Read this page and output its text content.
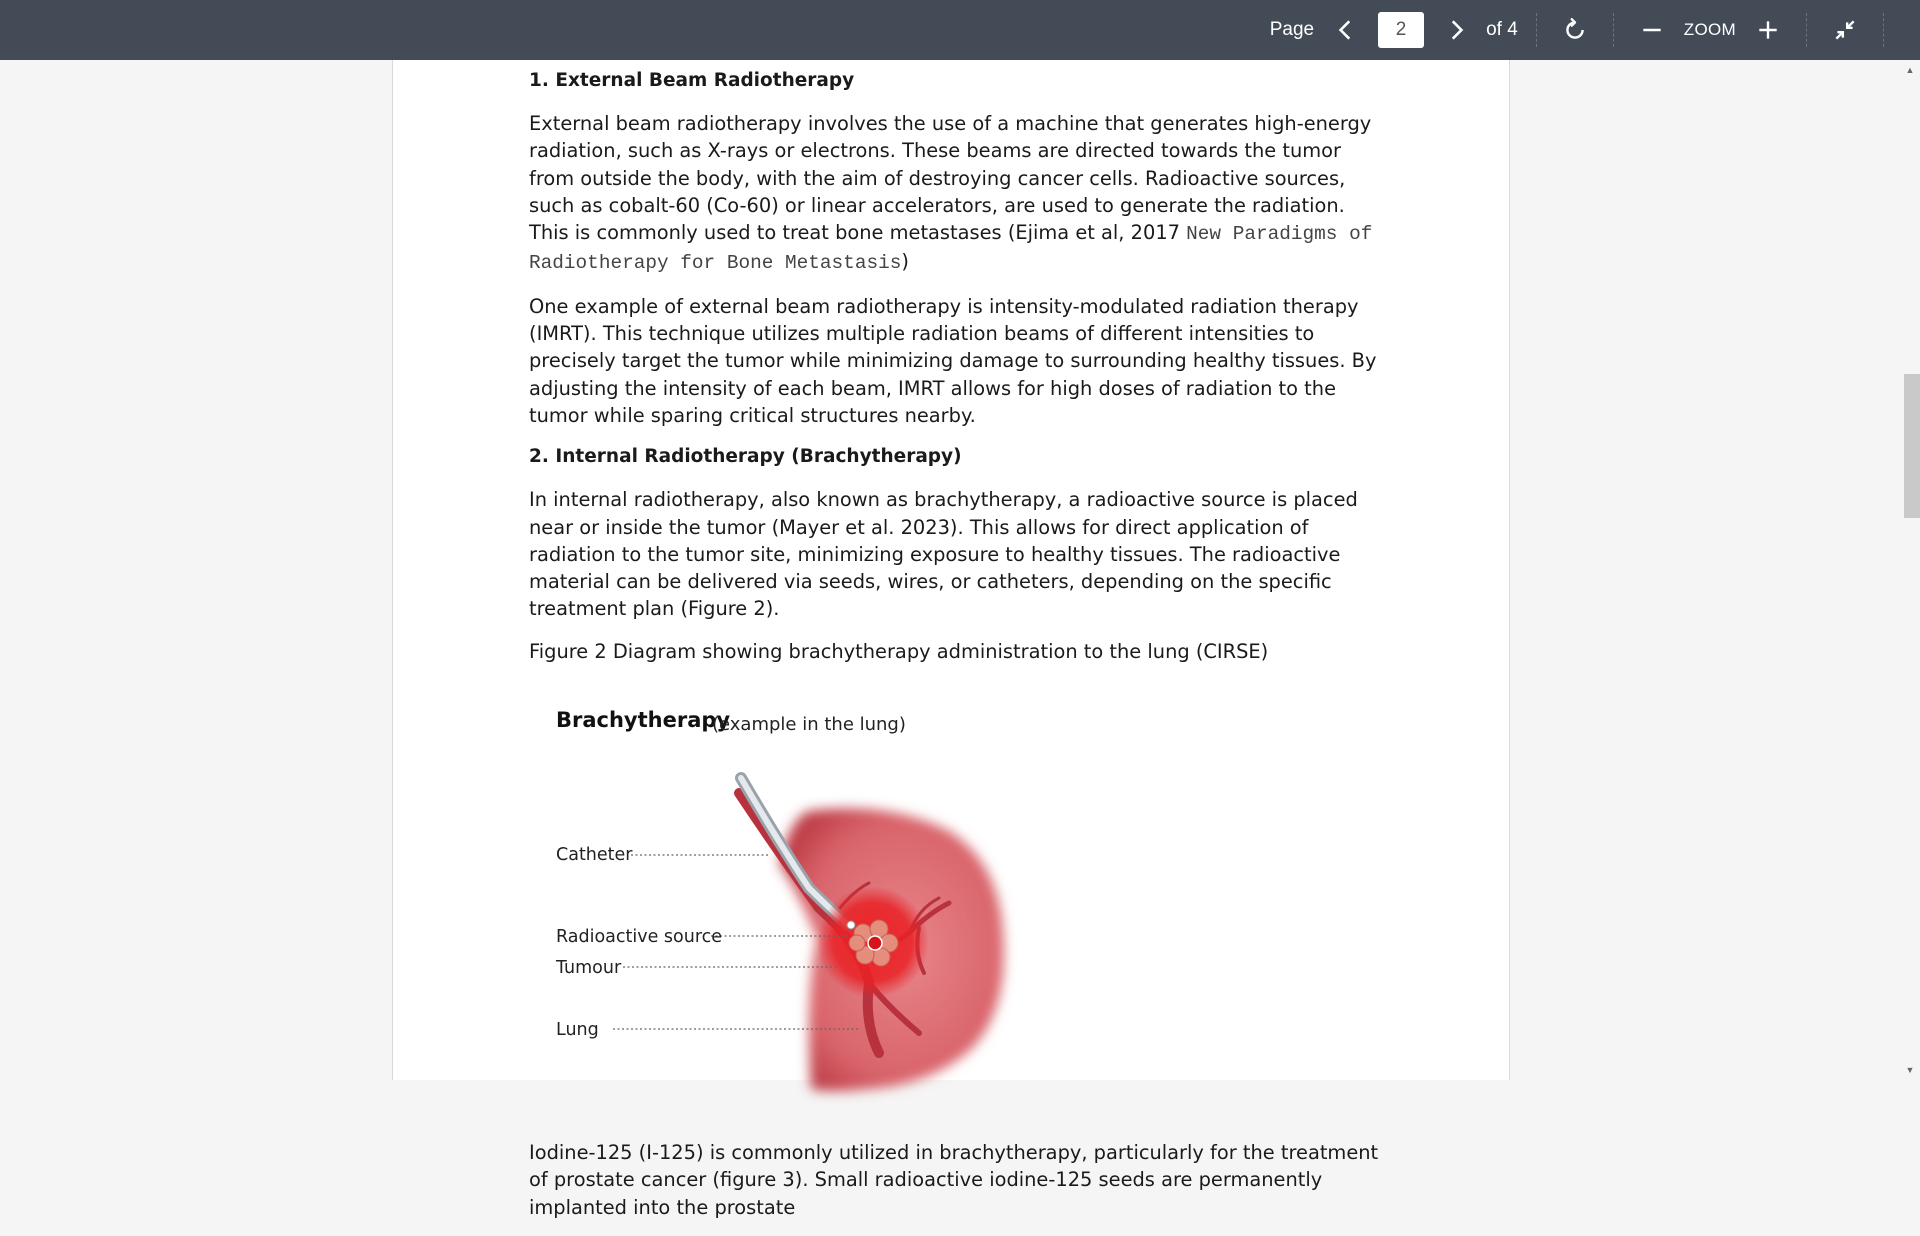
Page
2	of 4	ZOOM
1. External Beam Radiotherapy

External beam radiotherapy involves the use of a machine that generates high-energy radiation, such as X-rays or electrons. These beams are directed towards the tumor from outside the body, with the aim of destroying cancer cells. Radioactive sources, such as cobalt-60 (Co-60) or linear accelerators, are used to generate the radiation. This is commonly used to treat bone metastases (Ejima et al, 2017 New Paradigms of Radiotherapy for Bone Metastasis)

One example of external beam radiotherapy is intensity-modulated radiation therapy (IMRT). This technique utilizes multiple radiation beams of different intensities to precisely target the tumor while minimizing damage to surrounding healthy tissues. By adjusting the intensity of each beam, IMRT allows for high doses of radiation to the tumor while sparing critical structures nearby.

2. Internal Radiotherapy (Brachytherapy)

In internal radiotherapy, also known as brachytherapy, a radioactive source is placed near or inside the tumor (Mayer et al. 2023). This allows for direct application of radiation to the tumor site, minimizing exposure to healthy tissues. The radioactive material can be delivered via seeds, wires, or catheters, depending on the specific treatment plan (Figure 2).

Figure 2 Diagram showing brachytherapy administration to the lung (CIRSE)

Brachytherapy
(example in the lung)
Catheter
Radioactive source
Tumour
Lung

Iodine-125 (I-125) is commonly utilized in brachytherapy, particularly for the treatment of prostate cancer (figure 3). Small radioactive iodine-125 seeds are permanently implanted into the prostate

▲
▼
